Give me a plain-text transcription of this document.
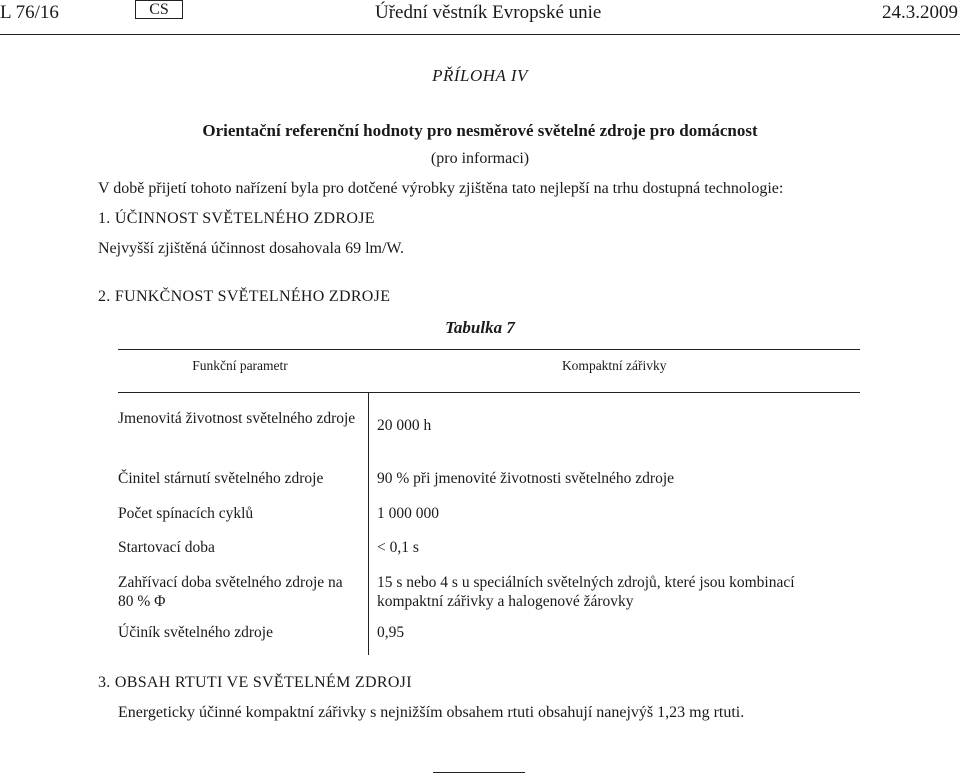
L 76/16	CS	Úřední věstník Evropské unie	24.3.2009
PŘÍLOHA IV
Orientační referenční hodnoty pro nesměrové světelné zdroje pro domácnost
(pro informaci)
V době přijetí tohoto nařízení byla pro dotčené výrobky zjištěna tato nejlepší na trhu dostupná technologie:
1. ÚČINNOST SVĚTELNÉHO ZDROJE
Nejvyšší zjištěná účinnost dosahovala 69 lm/W.
2. FUNKČNOST SVĚTELNÉHO ZDROJE
Tabulka 7
Funkční parametr		Kompaktní zářivky
Jmenovitá životnost světelného zdroje		20 000 h
Činitel stárnutí světelného zdroje		90 % při jmenovité životnosti světelného zdroje
Počet spínacích cyklů		1 000 000
Startovací doba		< 0,1 s
Zahřívací doba světelného zdroje na 80 % Φ		15 s nebo 4 s u speciálních světelných zdrojů, které jsou kombinací kompaktní zářivky a halogenové žárovky
Účiník světelného zdroje		0,95
3. OBSAH RTUTI VE SVĚTELNÉM ZDROJI
Energeticky účinné kompaktní zářivky s nejnižším obsahem rtuti obsahují nanejvýš 1,23 mg rtuti.
